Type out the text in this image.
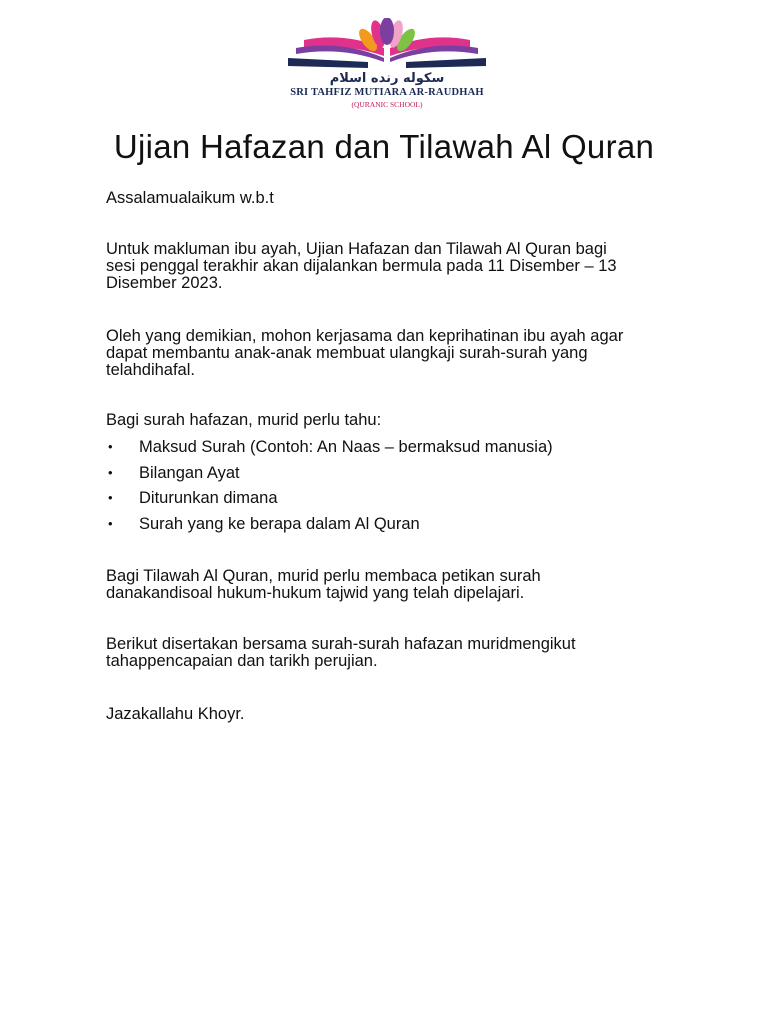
سکوله رنده اسلام
SRI TAHFIZ MUTIARA AR-RAUDHAH
(QURANIC SCHOOL)
Ujian Hafazan dan Tilawah Al Quran
Assalamualaikum w.b.t
Untuk makluman ibu ayah, Ujian Hafazan dan Tilawah Al Quran bagi sesi penggal terakhir akan dijalankan bermula pada 11 Disember – 13 Disember 2023.
Oleh yang demikian, mohon kerjasama dan keprihatinan ibu ayah agar dapat membantu anak-anak membuat ulangkaji surah-surah yang telahdihafal.
Bagi surah hafazan, murid perlu tahu:
• Maksud Surah (Contoh: An Naas – bermaksud manusia)
• Bilangan Ayat
• Diturunkan dimana
• Surah yang ke berapa dalam Al Quran
Bagi Tilawah Al Quran, murid perlu membaca petikan surah danakandisoal hukum-hukum tajwid yang telah dipelajari.
Berikut disertakan bersama surah-surah hafazan muridmengikut tahappencapaian dan tarikh perujian.
Jazakallahu Khoyr.
